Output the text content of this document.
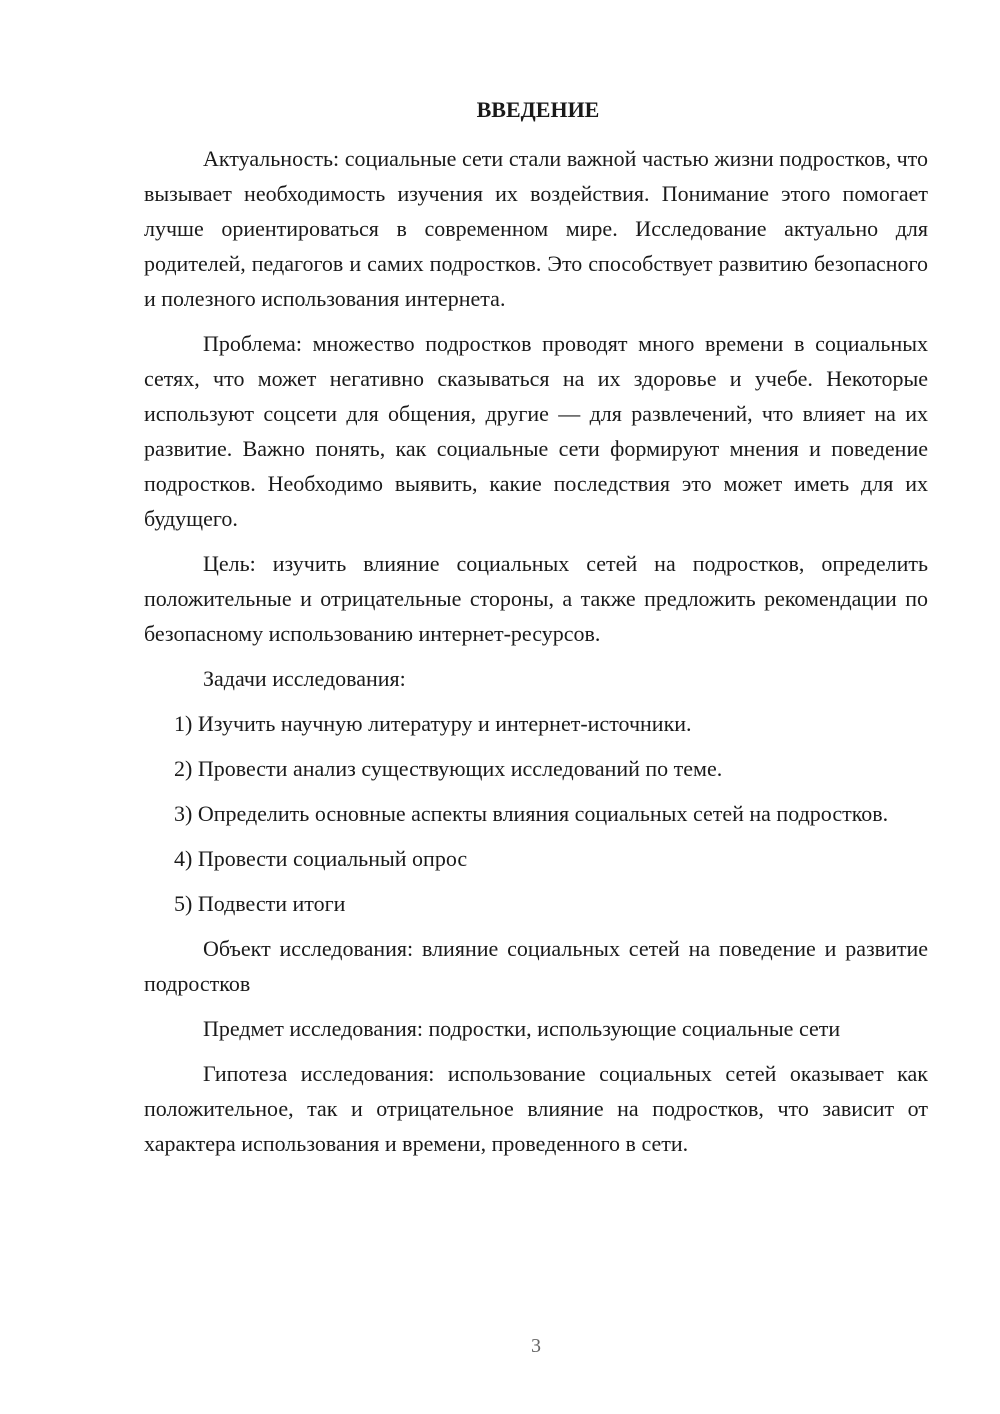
ВВЕДЕНИЕ

Актуальность: социальные сети стали важной частью жизни подростков, что вызывает необходимость изучения их воздействия. Понимание этого помогает лучше ориентироваться в современном мире. Исследование актуально для родителей, педагогов и самих подростков. Это способствует развитию безопасного и полезного использования интернета.

Проблема: множество подростков проводят много времени в социальных сетях, что может негативно сказываться на их здоровье и учебе. Некоторые используют соцсети для общения, другие — для развлечений, что влияет на их развитие. Важно понять, как социальные сети формируют мнения и поведение подростков. Необходимо выявить, какие последствия это может иметь для их будущего.

Цель: изучить влияние социальных сетей на подростков, определить положительные и отрицательные стороны, а также предложить рекомендации по безопасному использованию интернет-ресурсов.

Задачи исследования:

1) Изучить научную литературу и интернет-источники.

2) Провести анализ существующих исследований по теме.

3) Определить основные аспекты влияния социальных сетей на подростков.

4) Провести социальный опрос

5) Подвести итоги

Объект исследования: влияние социальных сетей на поведение и развитие подростков

Предмет исследования: подростки, использующие социальные сети

Гипотеза исследования: использование социальных сетей оказывает как положительное, так и отрицательное влияние на подростков, что зависит от характера использования и времени, проведенного в сети.

3
